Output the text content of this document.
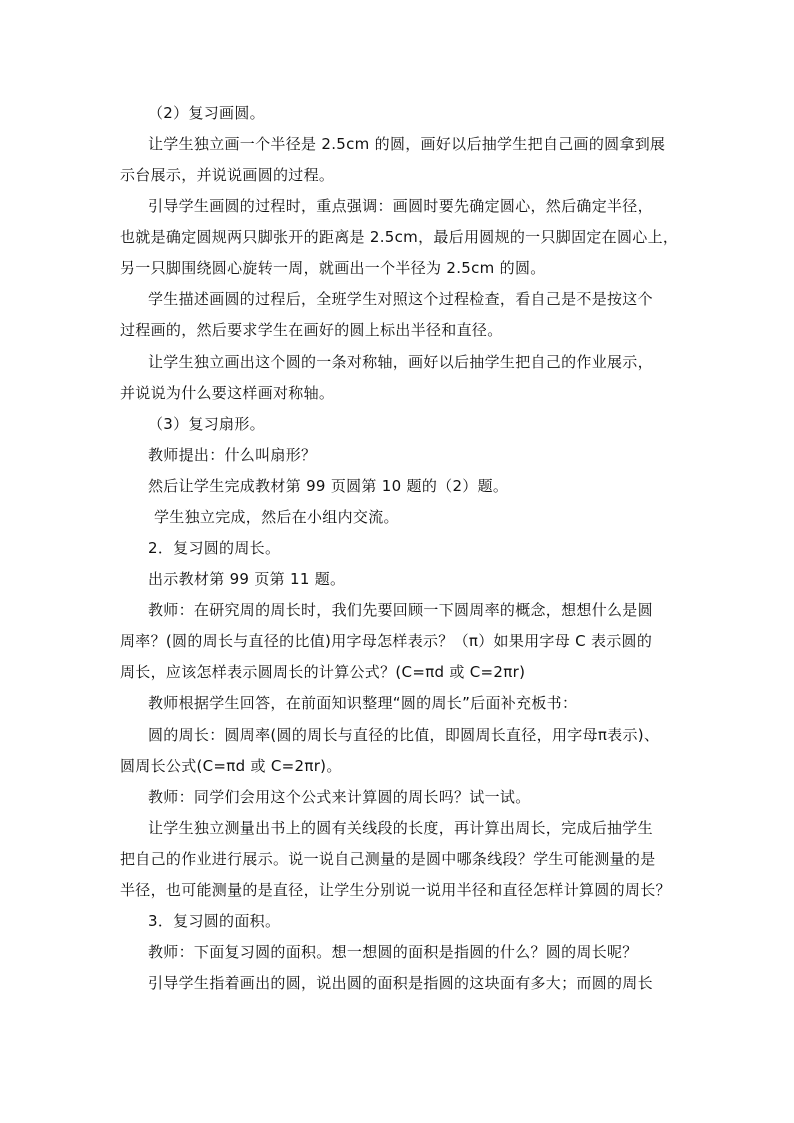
（2）复习画圆。
让学生独立画一个半径是 2.5cm 的圆，画好以后抽学生把自己画的圆拿到展
示台展示，并说说画圆的过程。
引导学生画圆的过程时，重点强调：画圆时要先确定圆心，然后确定半径，
也就是确定圆规两只脚张开的距离是 2.5cm，最后用圆规的一只脚固定在圆心上，
另一只脚围绕圆心旋转一周，就画出一个半径为 2.5cm 的圆。
学生描述画圆的过程后，全班学生对照这个过程检查，看自己是不是按这个
过程画的，然后要求学生在画好的圆上标出半径和直径。
让学生独立画出这个圆的一条对称轴，画好以后抽学生把自己的作业展示，
并说说为什么要这样画对称轴。
（3）复习扇形。
教师提出：什么叫扇形？
然后让学生完成教材第 99 页圆第 10 题的（2）题。
学生独立完成，然后在小组内交流。
2．复习圆的周长。
出示教材第 99 页第 11 题。
教师：在研究周的周长时，我们先要回顾一下圆周率的概念，想想什么是圆
周率？(圆的周长与直径的比值)用字母怎样表示？（π）如果用字母 C 表示圆的
周长，应该怎样表示圆周长的计算公式？(C=πd 或 C=2πr)
教师根据学生回答，在前面知识整理“圆的周长”后面补充板书：
圆的周长：圆周率(圆的周长与直径的比值，即圆周长直径，用字母π表示)、
圆周长公式(C=πd 或 C=2πr)。
教师：同学们会用这个公式来计算圆的周长吗？试一试。
让学生独立测量出书上的圆有关线段的长度，再计算出周长，完成后抽学生
把自己的作业进行展示。说一说自己测量的是圆中哪条线段？学生可能测量的是
半径，也可能测量的是直径，让学生分别说一说用半径和直径怎样计算圆的周长？
3．复习圆的面积。
教师：下面复习圆的面积。想一想圆的面积是指圆的什么？圆的周长呢？
引导学生指着画出的圆，说出圆的面积是指圆的这块面有多大；而圆的周长
